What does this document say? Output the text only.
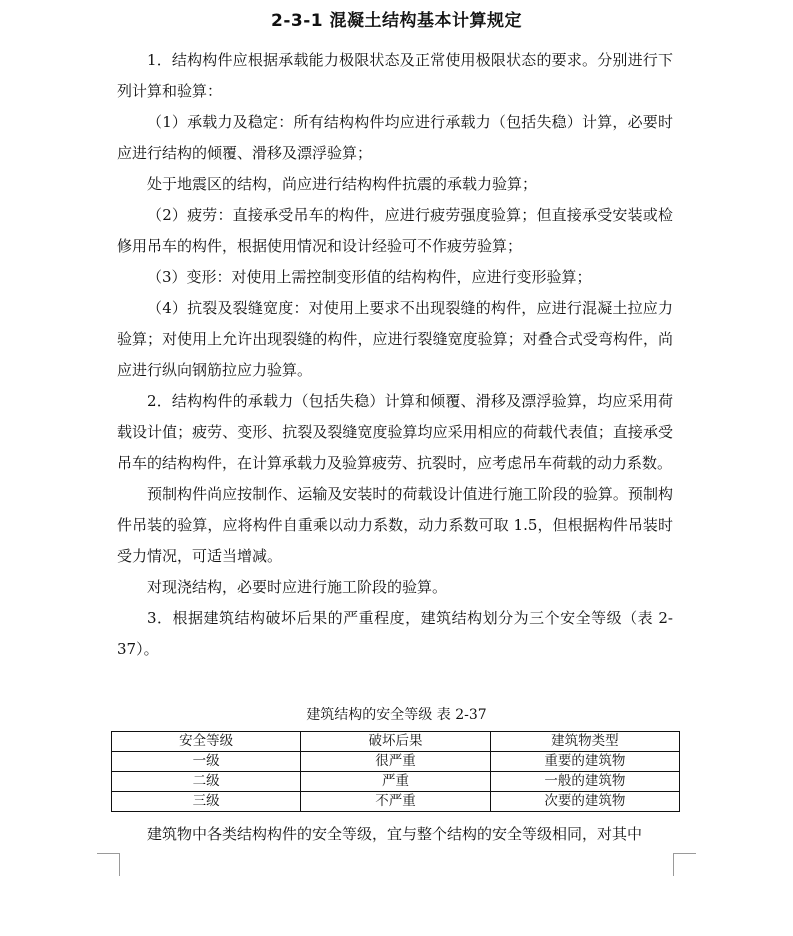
2-3-1 混凝土结构基本计算规定

1．结构构件应根据承载能力极限状态及正常使用极限状态的要求。分别进行下列计算和验算：

（1）承载力及稳定：所有结构构件均应进行承载力（包括失稳）计算，必要时应进行结构的倾覆、滑移及漂浮验算；

处于地震区的结构，尚应进行结构构件抗震的承载力验算；

（2）疲劳：直接承受吊车的构件，应进行疲劳强度验算；但直接承受安装或检修用吊车的构件，根据使用情况和设计经验可不作疲劳验算；

（3）变形：对使用上需控制变形值的结构构件，应进行变形验算；

（4）抗裂及裂缝宽度：对使用上要求不出现裂缝的构件，应进行混凝土拉应力验算；对使用上允许出现裂缝的构件，应进行裂缝宽度验算；对叠合式受弯构件，尚应进行纵向钢筋拉应力验算。

2．结构构件的承载力（包括失稳）计算和倾覆、滑移及漂浮验算，均应采用荷载设计值；疲劳、变形、抗裂及裂缝宽度验算均应采用相应的荷载代表值；直接承受吊车的结构构件，在计算承载力及验算疲劳、抗裂时，应考虑吊车荷载的动力系数。

预制构件尚应按制作、运输及安装时的荷载设计值进行施工阶段的验算。预制构件吊装的验算，应将构件自重乘以动力系数，动力系数可取 1.5，但根据构件吊装时受力情况，可适当增减。

对现浇结构，必要时应进行施工阶段的验算。

3．根据建筑结构破坏后果的严重程度，建筑结构划分为三个安全等级（表 2-37）。

建筑结构的安全等级 表 2-37
安全等级	破坏后果	建筑物类型
一级	很严重	重要的建筑物
二级	严重	一般的建筑物
三级	不严重	次要的建筑物
建筑物中各类结构构件的安全等级，宜与整个结构的安全等级相同，对其中
